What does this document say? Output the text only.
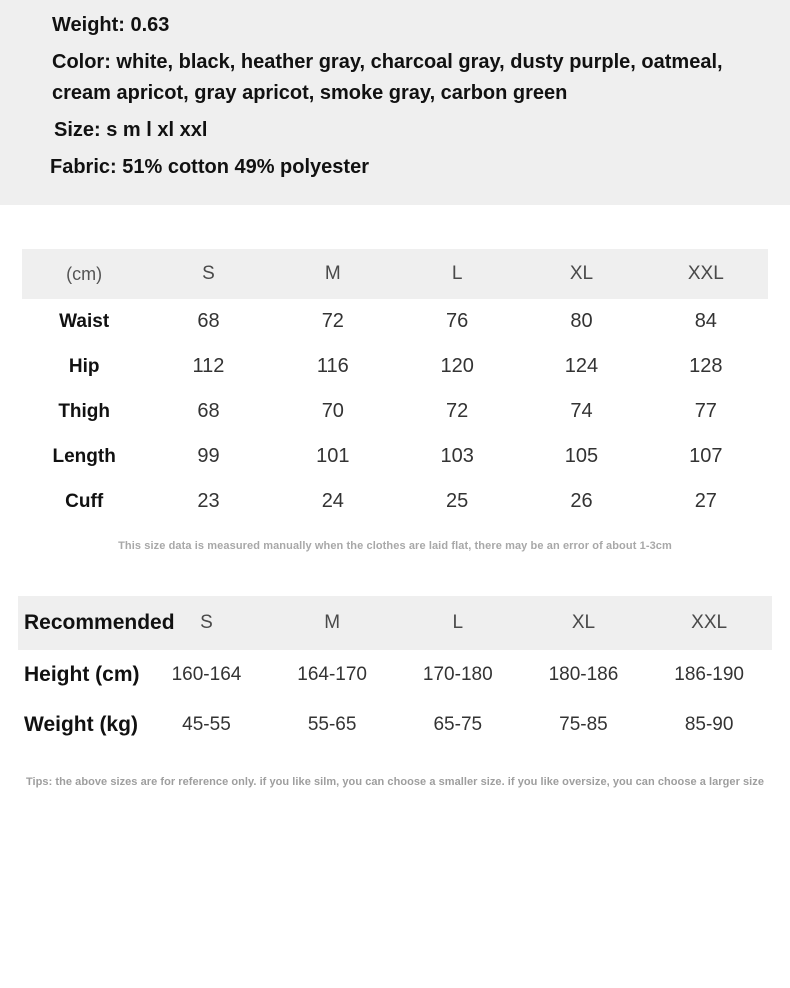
Weight: 0.63

Color: white, black, heather gray, charcoal gray, dusty purple, oatmeal, cream apricot, gray apricot, smoke gray, carbon green

Size: s m l xl xxl

Fabric: 51% cotton 49% polyester

(cm)	S	M	L	XL	XXL
Waist	68	72	76	80	84
Hip	112	116	120	124	128
Thigh	68	70	72	74	77
Length	99	101	103	105	107
Cuff	23	24	25	26	27

This size data is measured manually when the clothes are laid flat, there may be an error of about 1-3cm

Recommended	S	M	L	XL	XXL
Height (cm)	160-164	164-170	170-180	180-186	186-190
Weight (kg)	45-55	55-65	65-75	75-85	85-90

Tips: the above sizes are for reference only. if you like silm, you can choose a smaller size. if you like oversize, you can choose a larger size
